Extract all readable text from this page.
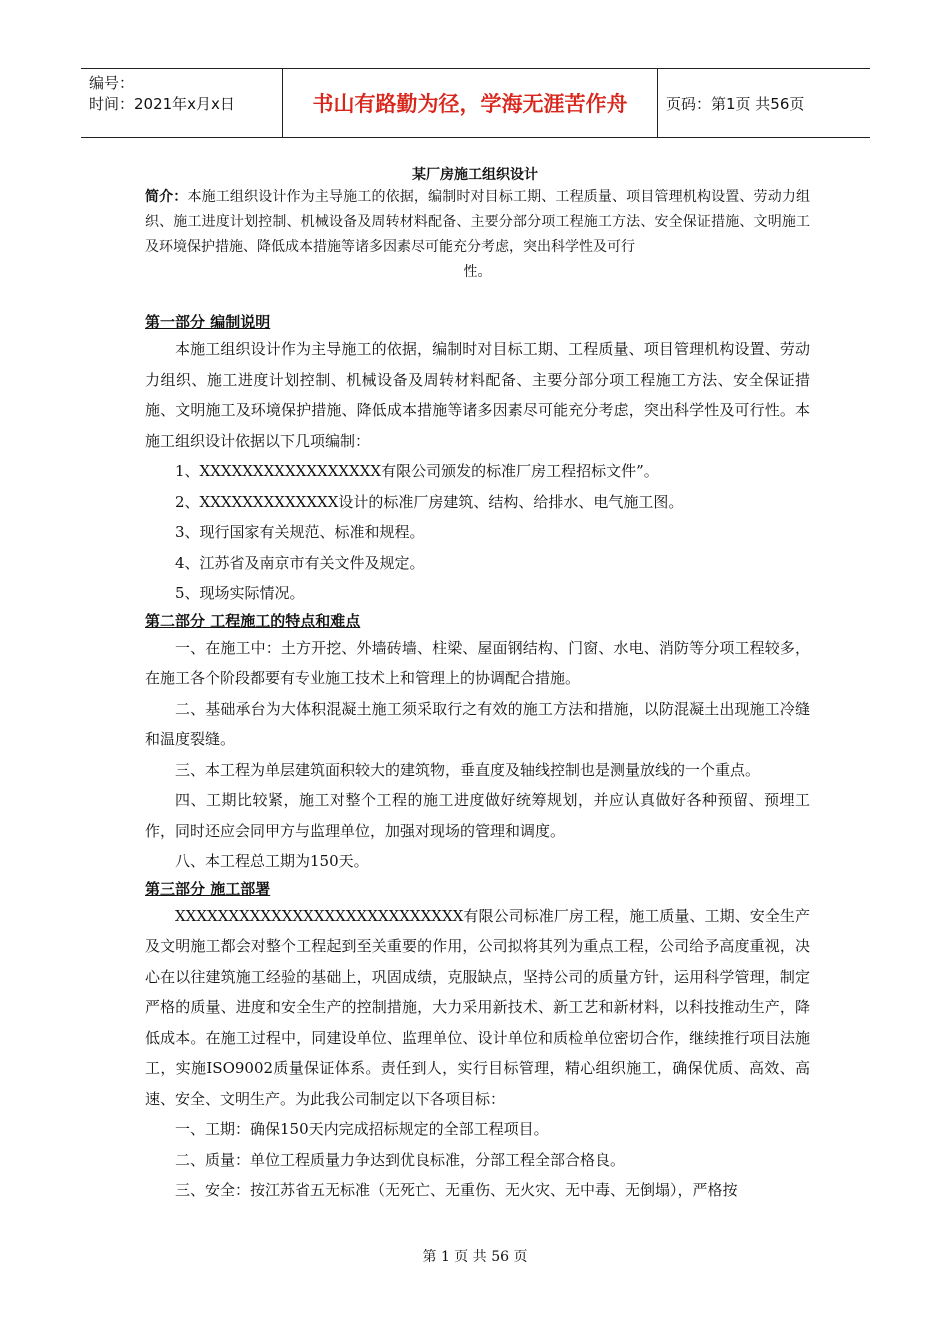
编号：
时间：2021年x月x日	书山有路勤为径，学海无涯苦作舟	页码：第1页 共56页
某厂房施工组织设计
简介：本施工组织设计作为主导施工的依据，编制时对目标工期、工程质量、项目管理机构设置、劳动力组织、施工进度计划控制、机械设备及周转材料配备、主要分部分项工程施工方法、安全保证措施、文明施工及环境保护措施、降低成本措施等诸多因素尽可能充分考虑，突出科学性及可行
性。

第一部分 编制说明

本施工组织设计作为主导施工的依据，编制时对目标工期、工程质量、项目管理机构设置、劳动力组织、施工进度计划控制、机械设备及周转材料配备、主要分部分项工程施工方法、安全保证措施、文明施工及环境保护措施、降低成本措施等诸多因素尽可能充分考虑，突出科学性及可行性。本施工组织设计依据以下几项编制：

1、XXXXXXXXXXXXXXXXX有限公司颁发的标准厂房工程招标文件”。

2、XXXXXXXXXXXXX设计的标准厂房建筑、结构、给排水、电气施工图。

3、现行国家有关规范、标准和规程。

4、江苏省及南京市有关文件及规定。

5、现场实际情况。

第二部分 工程施工的特点和难点

一、在施工中：土方开挖、外墙砖墙、柱梁、屋面钢结构、门窗、水电、消防等分项工程较多，在施工各个阶段都要有专业施工技术上和管理上的协调配合措施。

二、基础承台为大体积混凝土施工须采取行之有效的施工方法和措施，以防混凝土出现施工冷缝和温度裂缝。

三、本工程为单层建筑面积较大的建筑物，垂直度及轴线控制也是测量放线的一个重点。

四、工期比较紧，施工对整个工程的施工进度做好统筹规划，并应认真做好各种预留、预埋工作，同时还应会同甲方与监理单位，加强对现场的管理和调度。

八、本工程总工期为150天。

第三部分 施工部署

XXXXXXXXXXXXXXXXXXXXXXXXXXX有限公司标准厂房工程，施工质量、工期、安全生产及文明施工都会对整个工程起到至关重要的作用，公司拟将其列为重点工程，公司给予高度重视，决心在以往建筑施工经验的基础上，巩固成绩，克服缺点，坚持公司的质量方针，运用科学管理，制定严格的质量、进度和安全生产的控制措施，大力采用新技术、新工艺和新材料，以科技推动生产，降低成本。在施工过程中，同建设单位、监理单位、设计单位和质检单位密切合作，继续推行项目法施工，实施ISO9002质量保证体系。责任到人，实行目标管理，精心组织施工，确保优质、高效、高速、安全、文明生产。为此我公司制定以下各项目标：

一、工期：确保150天内完成招标规定的全部工程项目。

二、质量：单位工程质量力争达到优良标准，分部工程全部合格良。

三、安全：按江苏省五无标准（无死亡、无重伤、无火灾、无中毒、无倒塌），严格按

第 1 页 共 56 页
